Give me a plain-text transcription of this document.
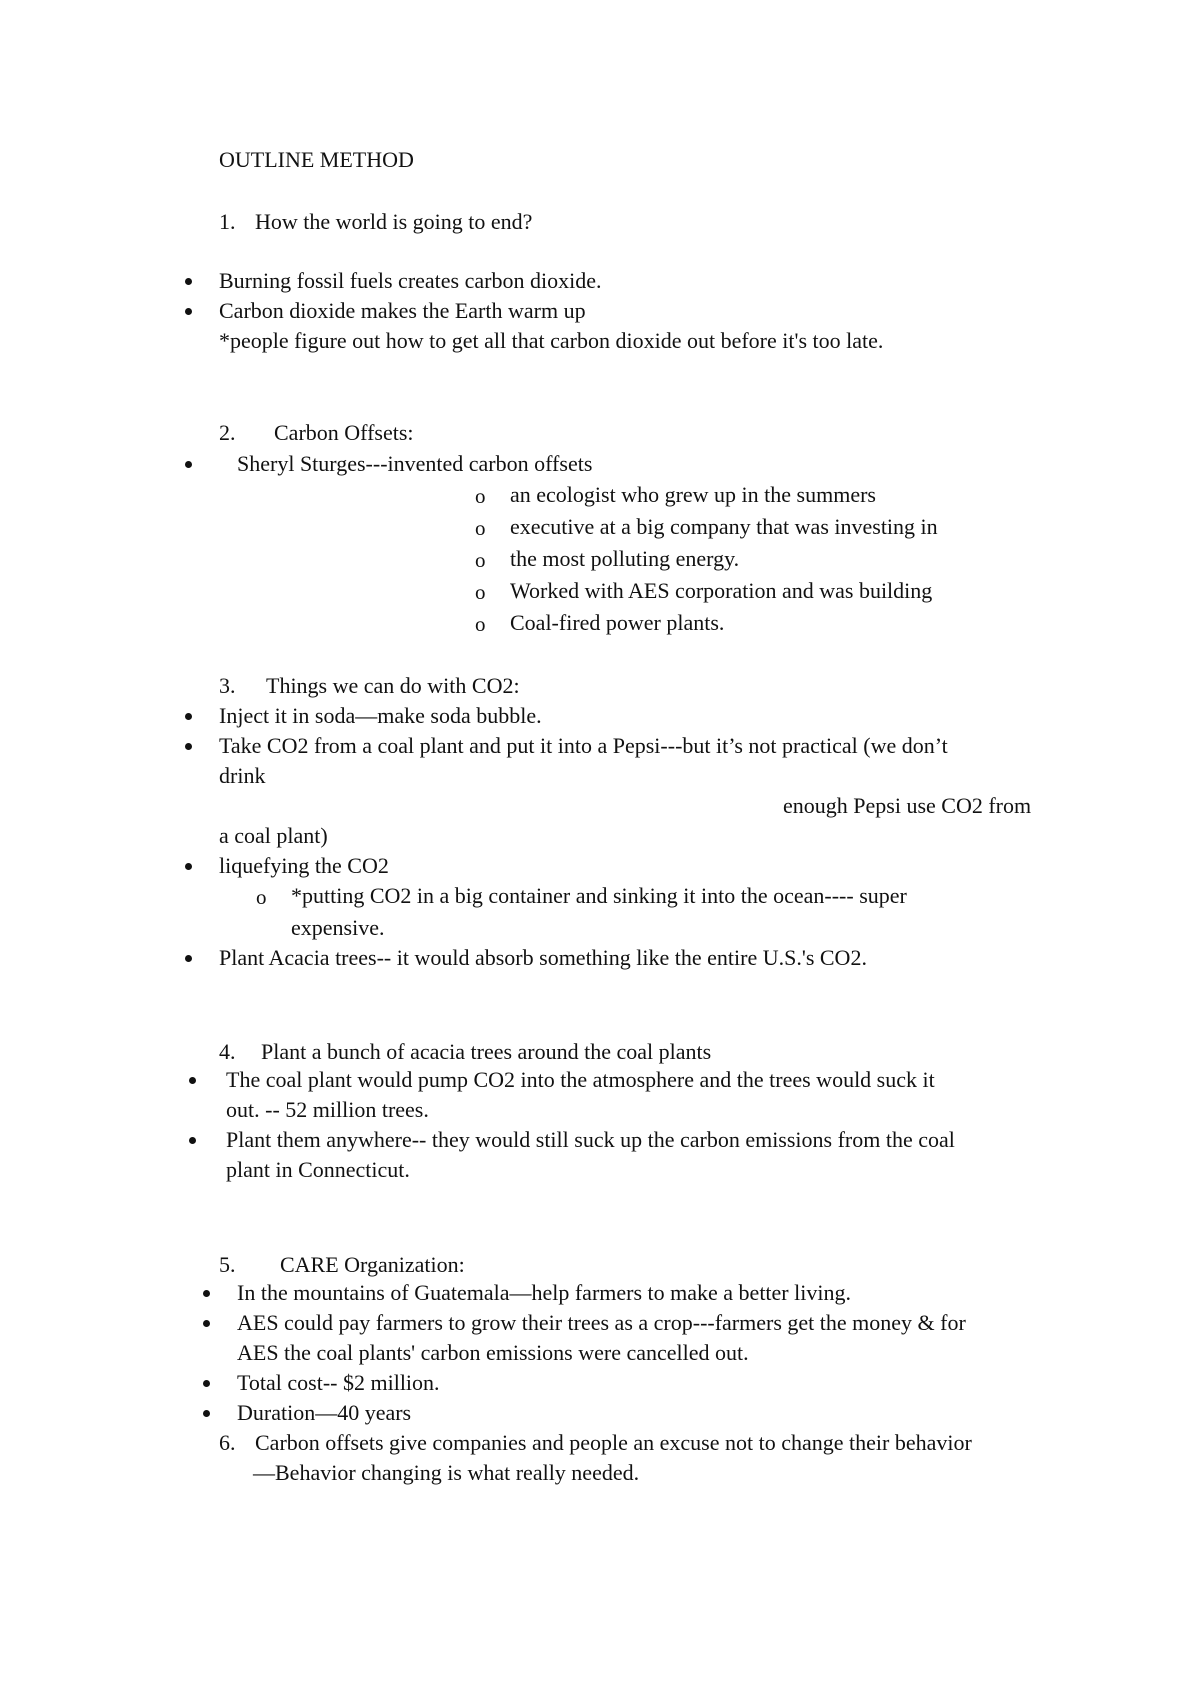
OUTLINE METHOD
1. How the world is going to end?
Burning fossil fuels creates carbon dioxide.
Carbon dioxide makes the Earth warm up
*people figure out how to get all that carbon dioxide out before it's too late.
2. Carbon Offsets:
Sheryl Sturges---invented carbon offsets
o an ecologist who grew up in the summers
o executive at a big company that was investing in
o the most polluting energy.
o Worked with AES corporation and was building
o Coal-fired power plants.
3. Things we can do with CO2:
Inject it in soda—make soda bubble.
Take CO2 from a coal plant and put it into a Pepsi---but it’s not practical (we don’t
drink
enough Pepsi use CO2 from
a coal plant)
liquefying the CO2
o *putting CO2 in a big container and sinking it into the ocean---- super
expensive.
Plant Acacia trees-- it would absorb something like the entire U.S.'s CO2.
4. Plant a bunch of acacia trees around the coal plants
The coal plant would pump CO2 into the atmosphere and the trees would suck it
out. -- 52 million trees.
Plant them anywhere-- they would still suck up the carbon emissions from the coal
plant in Connecticut.
5. CARE Organization:
In the mountains of Guatemala—help farmers to make a better living.
AES could pay farmers to grow their trees as a crop---farmers get the money & for
AES the coal plants' carbon emissions were cancelled out.
Total cost-- $2 million.
Duration—40 years
6. Carbon offsets give companies and people an excuse not to change their behavior
—Behavior changing is what really needed.
